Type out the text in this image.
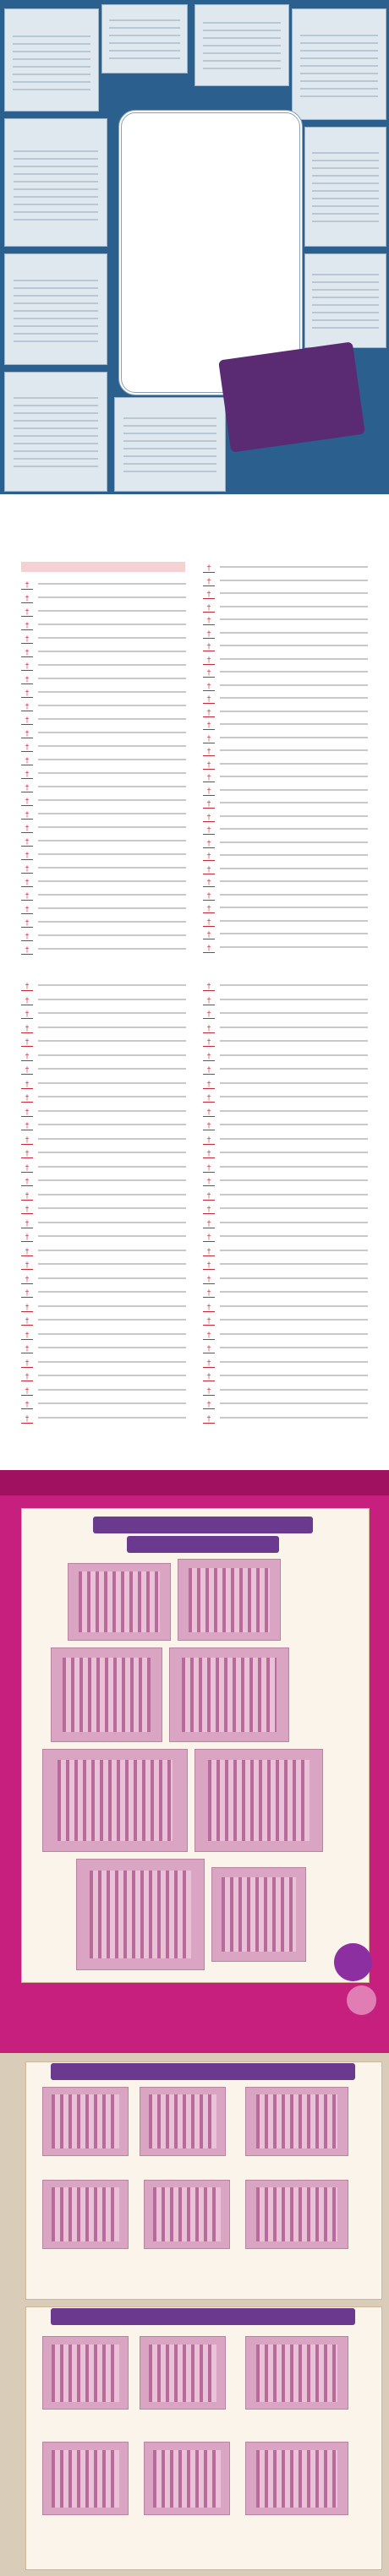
†
†
†
†
†
†
†
†
†
†
†
†
†
†
†
†
†
†
†
†
†
†
†
†
†
†
†
†
†
†
†
†
†
†
†
†
†
†
†
†
†
†
†
†
†
†
†
†
†
†
†
†
†
†
†
†
†
†
†
†
†
†
†
†
†
†
†
†
†
†
†
†
†
†
†
†
†
†
†
†
†
†
†
†
†
†
†
†
†
†
†
†
†
†
†
†
†
†
†
†
†
†
†
†
†
†
†
†
†
†
†
†
†
†
†
†
†
†
†
†
†
†
